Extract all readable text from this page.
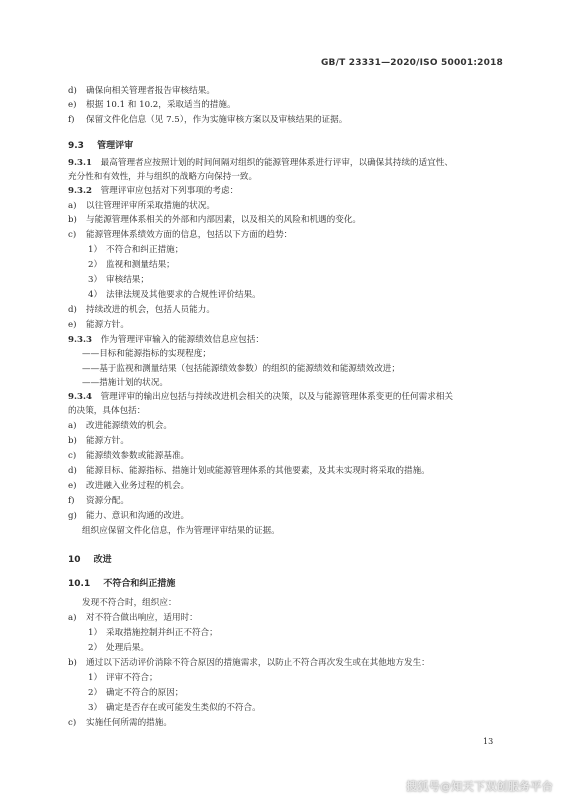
GB/T 23331—2020/ISO 50001:2018
d) 确保向相关管理者报告审核结果。
e) 根据 10.1 和 10.2，采取适当的措施。
f) 保留文件化信息（见 7.5），作为实施审核方案以及审核结果的证据。
9.3 管理评审
9.3.1 最高管理者应按照计划的时间间隔对组织的能源管理体系进行评审，以确保其持续的适宜性、
充分性和有效性，并与组织的战略方向保持一致。
9.3.2 管理评审应包括对下列事项的考虑：
a) 以往管理评审所采取措施的状况。
b) 与能源管理体系相关的外部和内部因素，以及相关的风险和机遇的变化。
c) 能源管理体系绩效方面的信息，包括以下方面的趋势：
1） 不符合和纠正措施；
2） 监视和测量结果；
3） 审核结果；
4） 法律法规及其他要求的合规性评价结果。
d) 持续改进的机会，包括人员能力。
e) 能源方针。
9.3.3 作为管理评审输入的能源绩效信息应包括：
——目标和能源指标的实现程度；
——基于监视和测量结果（包括能源绩效参数）的组织的能源绩效和能源绩效改进；
——措施计划的状况。
9.3.4 管理评审的输出应包括与持续改进机会相关的决策，以及与能源管理体系变更的任何需求相关
的决策，具体包括：
a) 改进能源绩效的机会。
b) 能源方针。
c) 能源绩效参数或能源基准。
d) 能源目标、能源指标、措施计划或能源管理体系的其他要素，及其未实现时将采取的措施。
e) 改进融入业务过程的机会。
f) 资源分配。
g) 能力、意识和沟通的改进。
组织应保留文件化信息，作为管理评审结果的证据。
10 改进
10.1 不符合和纠正措施
发现不符合时，组织应：
a) 对不符合做出响应，适用时：
1） 采取措施控制并纠正不符合；
2） 处理后果。
b) 通过以下活动评价消除不符合原因的措施需求，以防止不符合再次发生或在其他地方发生：
1） 评审不符合；
2） 确定不符合的原因；
3） 确定是否存在或可能发生类似的不符合。
c) 实施任何所需的措施。
13
搜狐号@知天下双创服务平台
